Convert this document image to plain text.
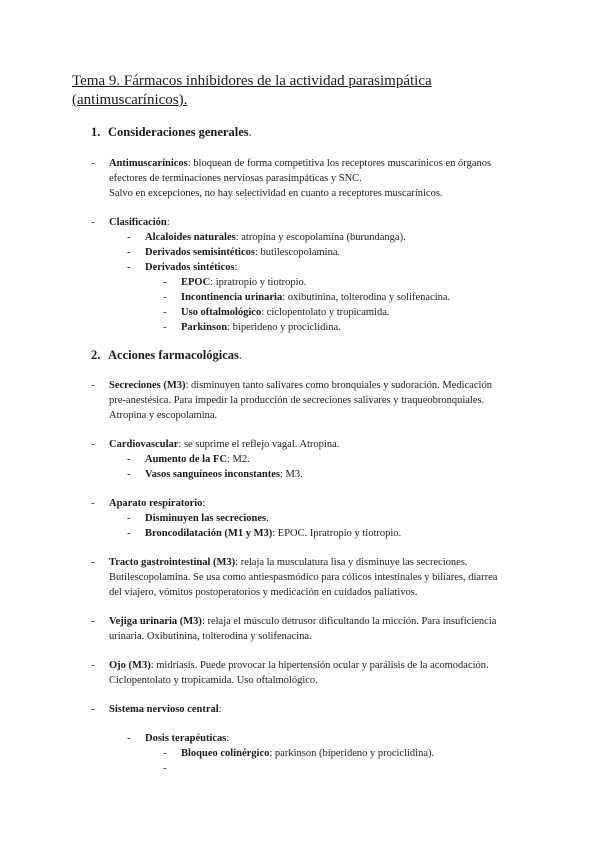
Tema 9. Fármacos inhibidores de la actividad parasimpática
(antimuscarínicos).
1. Consideraciones generales.
- Antimuscarínicos: bloquean de forma competitiva los receptores muscarínicos en órganos
efectores de terminaciones nerviosas parasimpáticas y SNC.
Salvo en excepciones, no hay selectividad en cuanto a receptores muscarínicos.
- Clasificación:
- Alcaloides naturales: atropina y escopolamina (burundanga).
- Derivados semisintéticos: butilescopolamina.
- Derivados sintéticos:
- EPOC: ipratropio y tiotropio.
- Incontinencia urinaria: oxibutinina, tolterodina y solifenacina.
- Uso oftalmológico: ciclopentolato y tropicamida.
- Parkinson: biperideno y prociclidina.
2. Acciones farmacológicas.
- Secreciones (M3): disminuyen tanto salivares como bronquiales y sudoración. Medicación
pre-anestésica. Para impedir la producción de secreciones salivares y traqueobronquiales.
Atropina y escopolamina.
- Cardiovascular: se suprime el reflejo vagal. Atropina.
- Aumento de la FC: M2.
- Vasos sanguíneos inconstantes: M3.
- Aparato respiratorio:
- Disminuyen las secreciones.
- Broncodilatación (M1 y M3): EPOC. Ipratropio y tiotropio.
- Tracto gastrointestinal (M3): relaja la musculatura lisa y disminuye las secreciones.
Butilescopolamina. Se usa como antiespasmódico para cólicos intestinales y biliares, diarrea
del viajero, vómitos postoperatorios y medicación en cuidados paliativos.
- Vejiga urinaria (M3): relaja el músculo detrusor dificultando la micción. Para insuficiencia
urinaria. Oxibutinina, tolterodina y solifenacina.
- Ojo (M3): midriasis. Puede provocar la hipertensión ocular y parálisis de la acomodación.
Ciclopentolato y tropicamida. Uso oftalmológico.
- Sistema nervioso central:
- Dosis terapéuticas:
- Bloqueo colinérgico: parkinson (biperideno y prociclidina).
-
